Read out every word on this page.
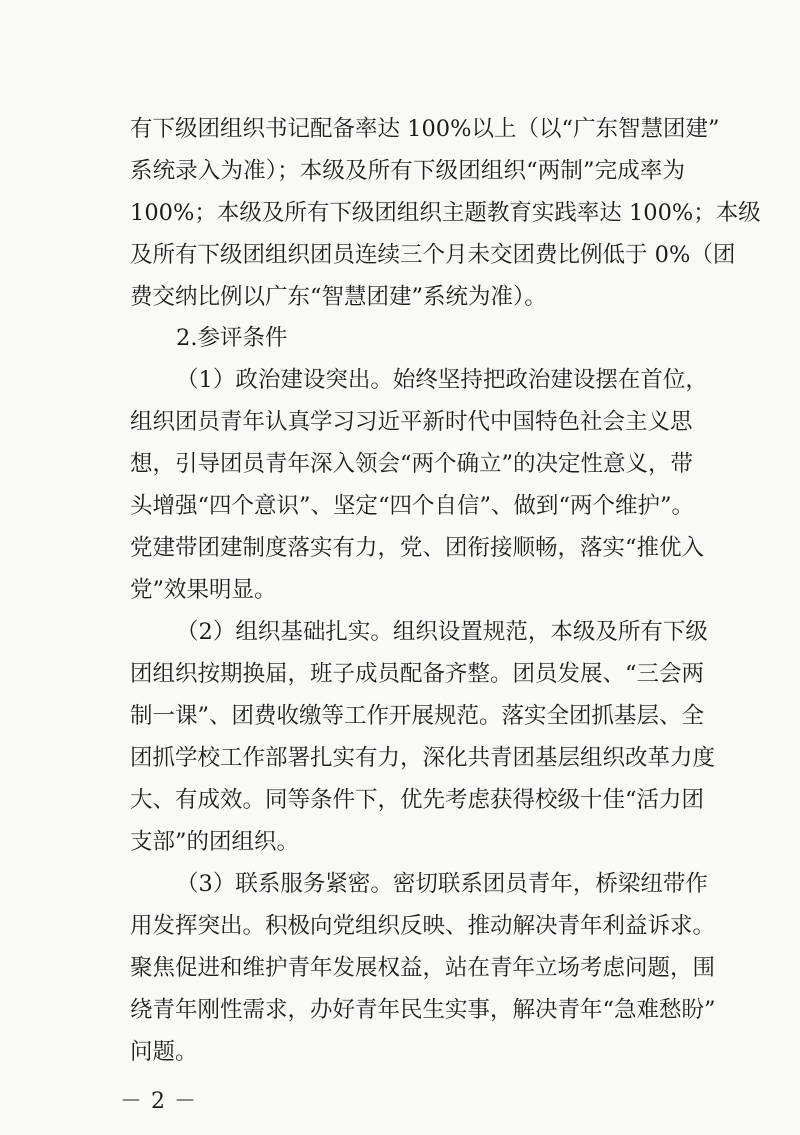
有下级团组织书记配备率达 100%以上（以“广东智慧团建”
系统录入为准）；本级及所有下级团组织“两制”完成率为
100%；本级及所有下级团组织主题教育实践率达 100%；本级
及所有下级团组织团员连续三个月未交团费比例低于 0%（团
费交纳比例以广东“智慧团建”系统为准）。
2.参评条件
（1）政治建设突出。始终坚持把政治建设摆在首位，
组织团员青年认真学习习近平新时代中国特色社会主义思
想，引导团员青年深入领会“两个确立”的决定性意义，带
头增强“四个意识”、坚定“四个自信”、做到“两个维护”。
党建带团建制度落实有力，党、团衔接顺畅，落实“推优入
党”效果明显。
（2）组织基础扎实。组织设置规范，本级及所有下级
团组织按期换届，班子成员配备齐整。团员发展、“三会两
制一课”、团费收缴等工作开展规范。落实全团抓基层、全
团抓学校工作部署扎实有力，深化共青团基层组织改革力度
大、有成效。同等条件下，优先考虑获得校级十佳“活力团
支部”的团组织。
（3）联系服务紧密。密切联系团员青年，桥梁纽带作
用发挥突出。积极向党组织反映、推动解决青年利益诉求。
聚焦促进和维护青年发展权益，站在青年立场考虑问题，围
绕青年刚性需求，办好青年民生实事，解决青年“急难愁盼”
问题。
－ 2 －
